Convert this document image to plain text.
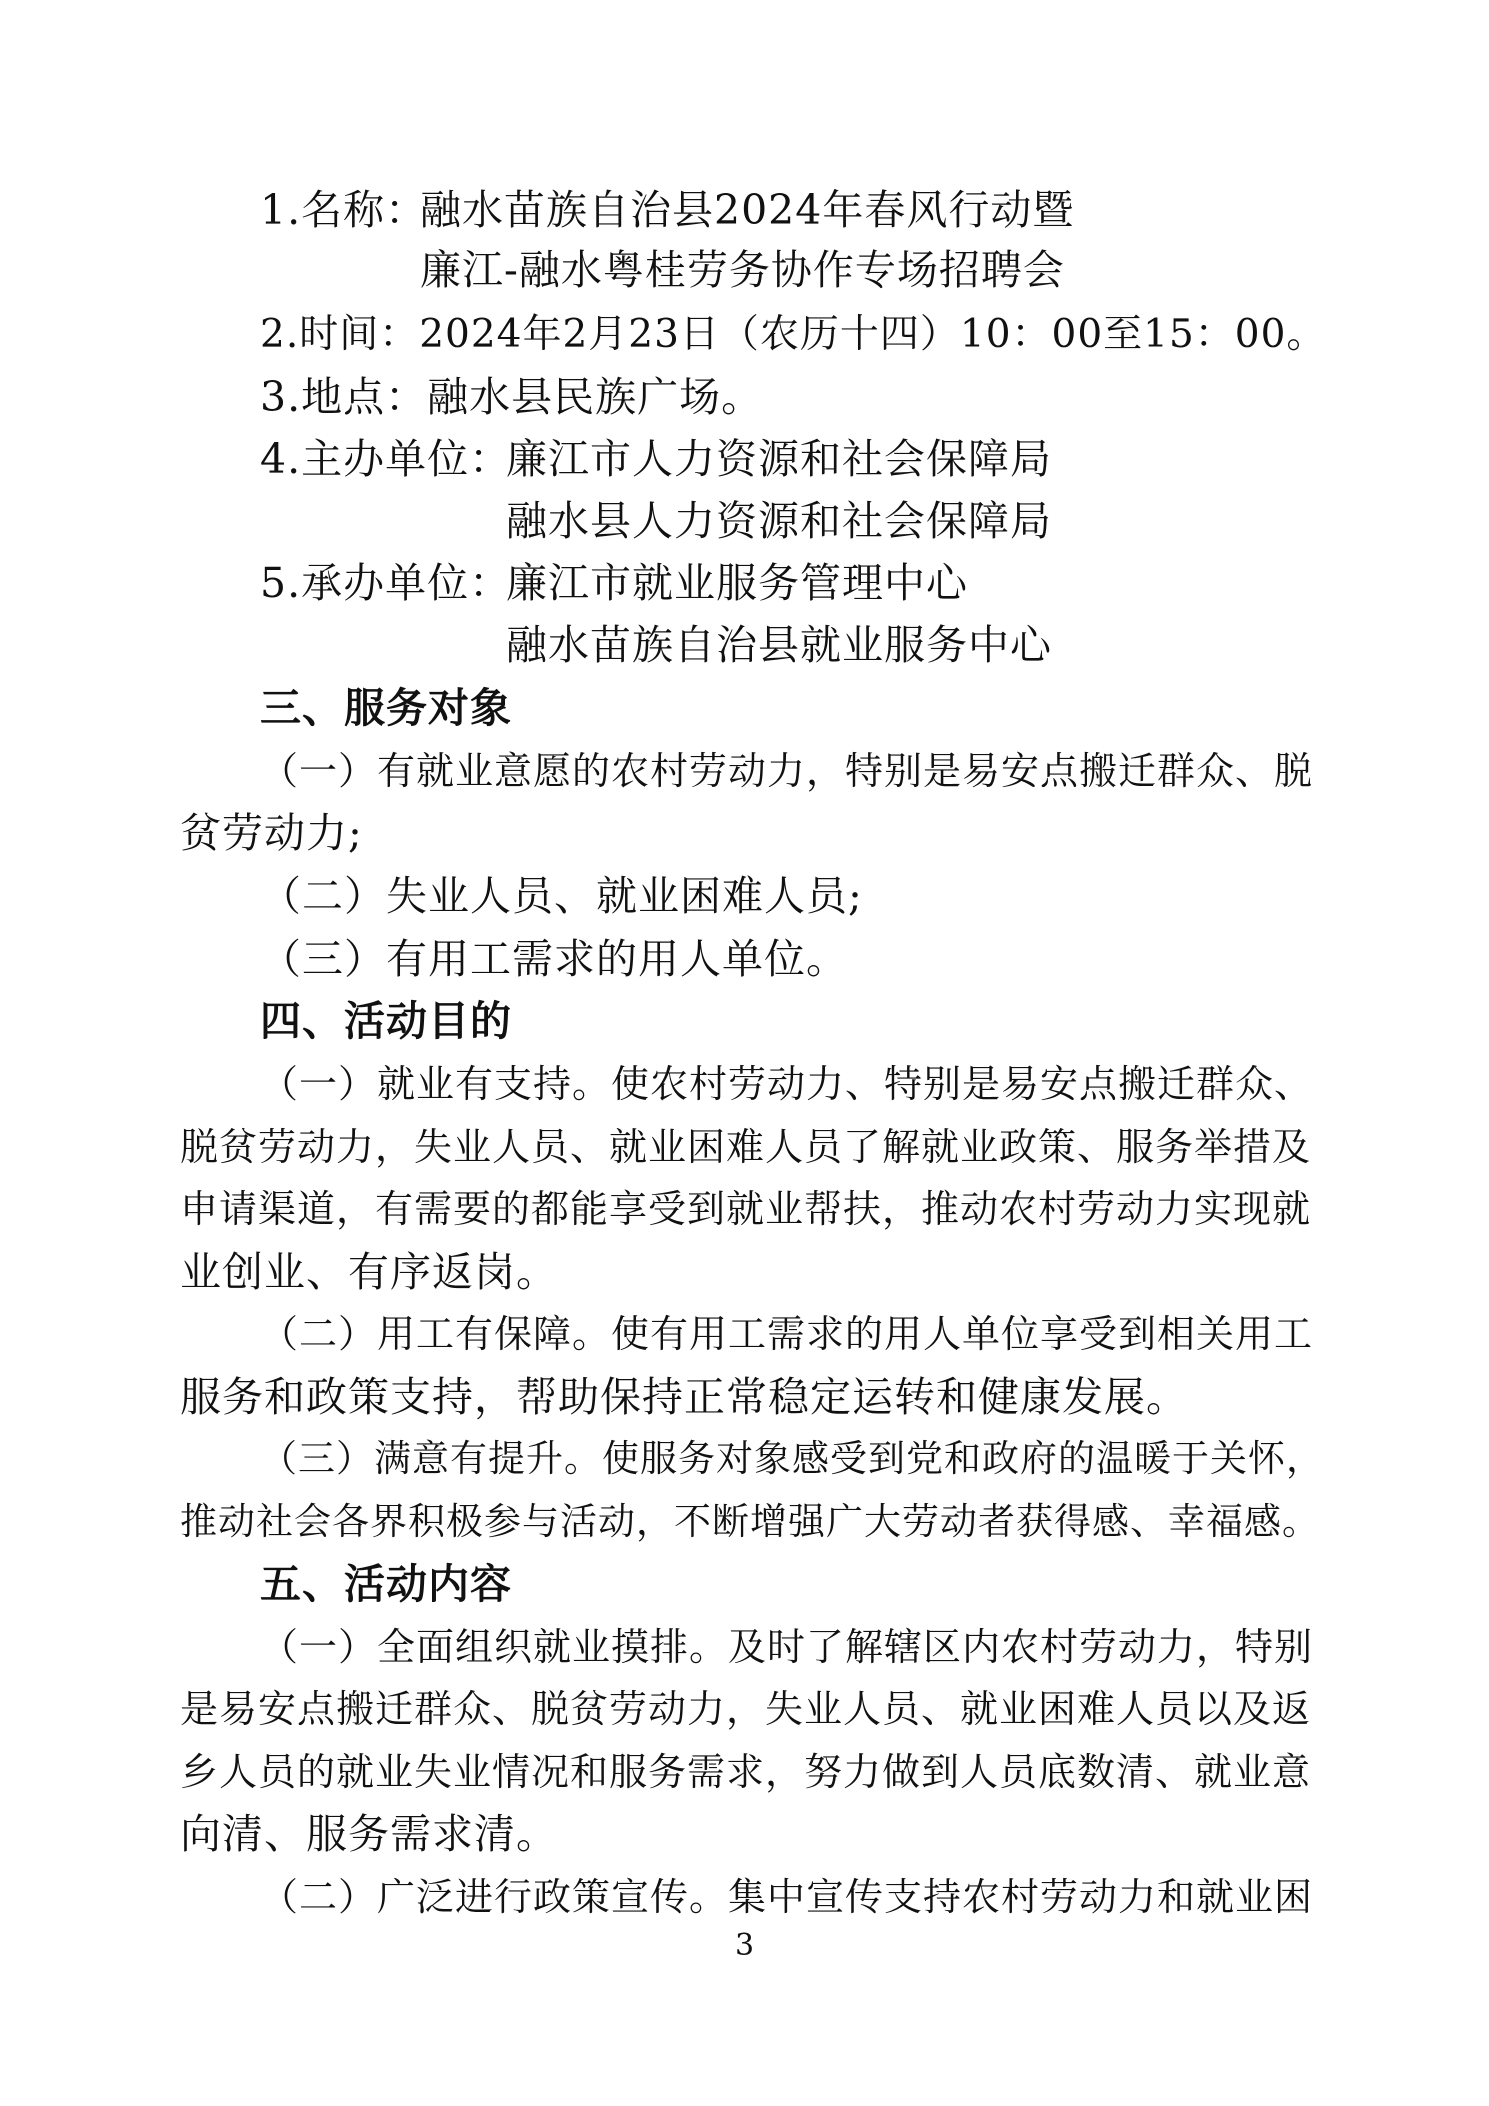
1.名称：融水苗族自治县2024年春风行动暨
廉江-融水粤桂劳务协作专场招聘会
2.时间：2024年2月23日（农历十四）10：00至15：00。
3.地点：融水县民族广场。
4.主办单位：廉江市人力资源和社会保障局
融水县人力资源和社会保障局
5.承办单位：廉江市就业服务管理中心
融水苗族自治县就业服务中心
三、服务对象
（一）有就业意愿的农村劳动力，特别是易安点搬迁群众、脱
贫劳动力;
（二）失业人员、就业困难人员;
（三）有用工需求的用人单位。
四、活动目的
（一）就业有支持。使农村劳动力、特别是易安点搬迁群众、
脱贫劳动力，失业人员、就业困难人员了解就业政策、服务举措及
申请渠道，有需要的都能享受到就业帮扶，推动农村劳动力实现就
业创业、有序返岗。
（二）用工有保障。使有用工需求的用人单位享受到相关用工
服务和政策支持，帮助保持正常稳定运转和健康发展。
（三）满意有提升。使服务对象感受到党和政府的温暖于关怀，
推动社会各界积极参与活动，不断增强广大劳动者获得感、幸福感。
五、活动内容
（一）全面组织就业摸排。及时了解辖区内农村劳动力，特别
是易安点搬迁群众、脱贫劳动力，失业人员、就业困难人员以及返
乡人员的就业失业情况和服务需求，努力做到人员底数清、就业意
向清、服务需求清。
（二）广泛进行政策宣传。集中宣传支持农村劳动力和就业困
3
